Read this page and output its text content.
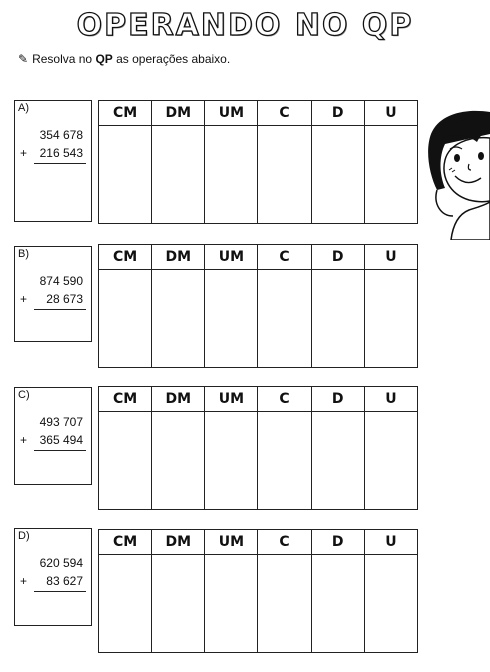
OPERANDO NO QP
✎ Resolva no QP as operações abaixo.
A)
354 678
+ 216 543
CM	DM	UM	C	D	U

B)
874 590
+ 28 673
CM	DM	UM	C	D	U

C)
493 707
+ 365 494
CM	DM	UM	C	D	U

D)
620 594
+ 83 627
CM	DM	UM	C	D	U
